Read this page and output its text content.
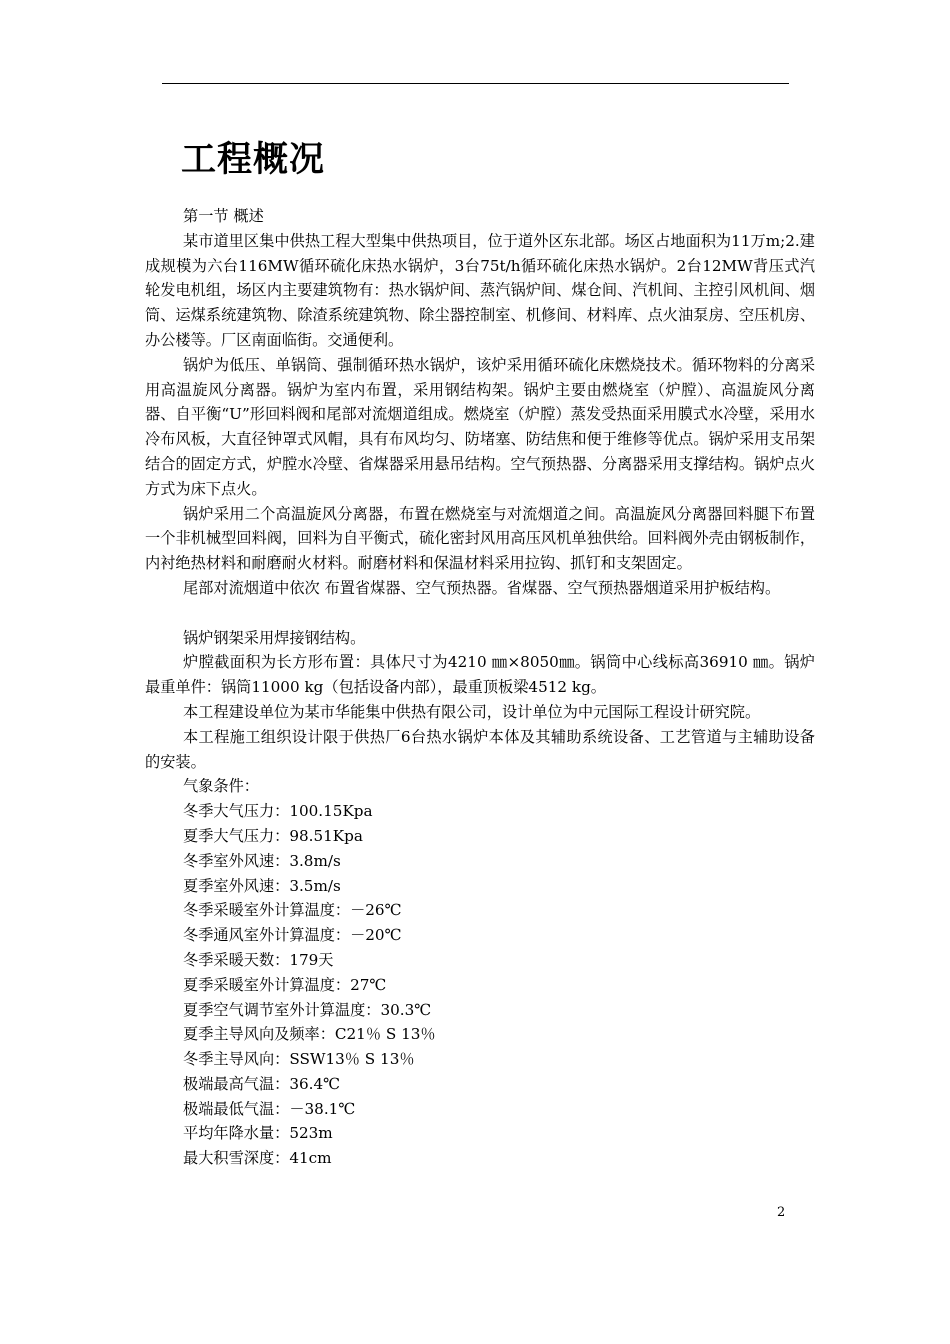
工程概况

第一节 概述

某市道里区集中供热工程大型集中供热项目，位于道外区东北部。场区占地面积为11万m;2.建成规模为六台116MW循环硫化床热水锅炉，3台75t/h循环硫化床热水锅炉。2台12MW背压式汽轮发电机组，场区内主要建筑物有：热水锅炉间、蒸汽锅炉间、煤仓间、汽机间、主控引风机间、烟筒、运煤系统建筑物、除渣系统建筑物、除尘器控制室、机修间、材料库、点火油泵房、空压机房、办公楼等。厂区南面临街。交通便利。

锅炉为低压、单锅筒、强制循环热水锅炉，该炉采用循环硫化床燃烧技术。循环物料的分离采用高温旋风分离器。锅炉为室内布置，采用钢结构架。锅炉主要由燃烧室（炉膛）、高温旋风分离器、自平衡“U”形回料阀和尾部对流烟道组成。燃烧室（炉膛）蒸发受热面采用膜式水冷壁，采用水冷布风板，大直径钟罩式风帽，具有布风均匀、防堵塞、防结焦和便于维修等优点。锅炉采用支吊架结合的固定方式，炉膛水冷壁、省煤器采用悬吊结构。空气预热器、分离器采用支撑结构。锅炉点火方式为床下点火。

锅炉采用二个高温旋风分离器，布置在燃烧室与对流烟道之间。高温旋风分离器回料腿下布置一个非机械型回料阀，回料为自平衡式，硫化密封风用高压风机单独供给。回料阀外壳由钢板制作，内衬绝热材料和耐磨耐火材料。耐磨材料和保温材料采用拉钩、抓钉和支架固定。

尾部对流烟道中依次 布置省煤器、空气预热器。省煤器、空气预热器烟道采用护板结构。

锅炉钢架采用焊接钢结构。

炉膛截面积为长方形布置：具体尺寸为4210 ㎜×8050㎜。锅筒中心线标高36910 ㎜。锅炉最重单件：锅筒11000 kg（包括设备内部），最重顶板梁4512 kg。

本工程建设单位为某市华能集中供热有限公司，设计单位为中元国际工程设计研究院。

本工程施工组织设计限于供热厂6台热水锅炉本体及其辅助系统设备、工艺管道与主辅助设备的安装。

气象条件：

冬季大气压力：100.15Kpa

夏季大气压力：98.51Kpa

冬季室外风速：3.8m/s

夏季室外风速：3.5m/s

冬季采暖室外计算温度：－26℃

冬季通风室外计算温度：－20℃

冬季采暖天数：179天

夏季采暖室外计算温度：27℃

夏季空气调节室外计算温度：30.3℃

夏季主导风向及频率：C21％ S 13％

冬季主导风向：SSW13％ S 13％

极端最高气温：36.4℃

极端最低气温：－38.1℃

平均年降水量：523m

最大积雪深度：41cm

2
